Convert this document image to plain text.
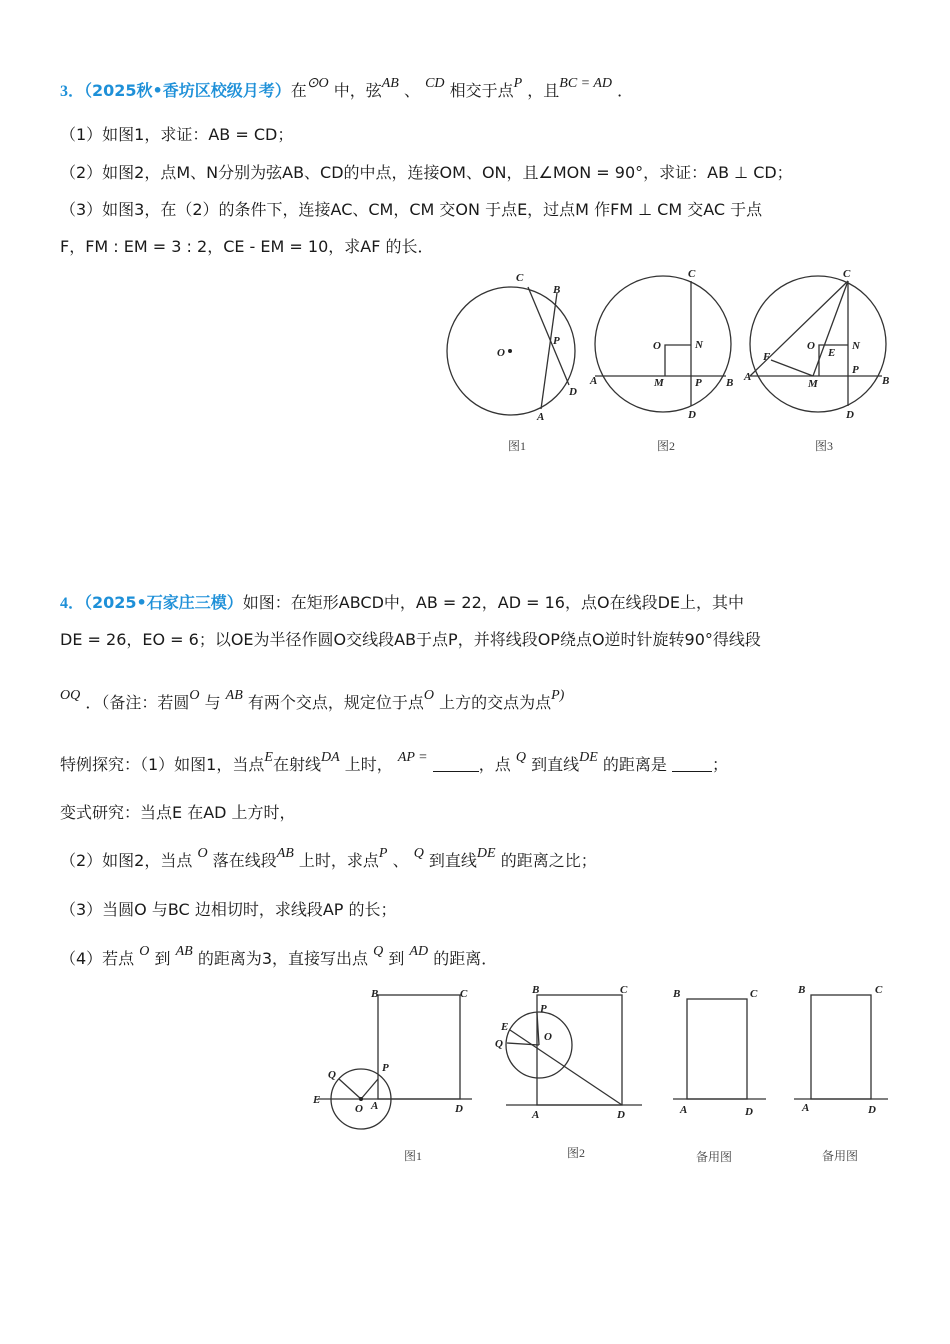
3．（2025秋•香坊区校级月考）在⊙O 中，弦AB 、 CD 相交于点P ，且BC = AD ．
（1）如图1，求证：AB = CD；
（2）如图2，点M、N分别为弦AB、CD的中点，连接OM、ON，且∠MON = 90°，求证：AB ⊥ CD；
（3）如图3，在（2）的条件下，连接AC、CM，CM 交ON 于点E，过点M 作FM ⊥ CM 交AC 于点
F，FM : EM = 3 : 2，CE - EM = 10，求AF 的长．
C
B
O
P
D
A
图1
C
O	N
A	M	P B
D
图2
C
O	N
E
F
A
M
P
B
D
图3
4．（2025•石家庄三模）如图：在矩形ABCD中，AB = 22，AD = 16，点O在线段DE上，其中
DE = 26，EO = 6；以OE为半径作圆O交线段AB于点P，并将线段OP绕点O逆时针旋转90°得线段
OQ ．（备注：若圆O 与 AB 有两个交点，规定位于点O 上方的交点为点P)
特例探究：（1）如图1，当点E在射线DA 上时， AP =	，点 Q 到直线DE 的距离是	；
变式研究：当点E 在AD 上方时，
（2）如图2，当点 O 落在线段AB 上时，求点P 、 Q 到直线DE 的距离之比；
（3）当圆O 与BC 边相切时，求线段AP 的长；
（4）若点 O 到 AB 的距离为3，直接写出点 Q 到 AD 的距离．
B	C
P
Q
E
O A	D
图1
B	C
P
E
O
Q
A	D
图2
B	C
A	D
备用图
B	C
A	D
备用图
